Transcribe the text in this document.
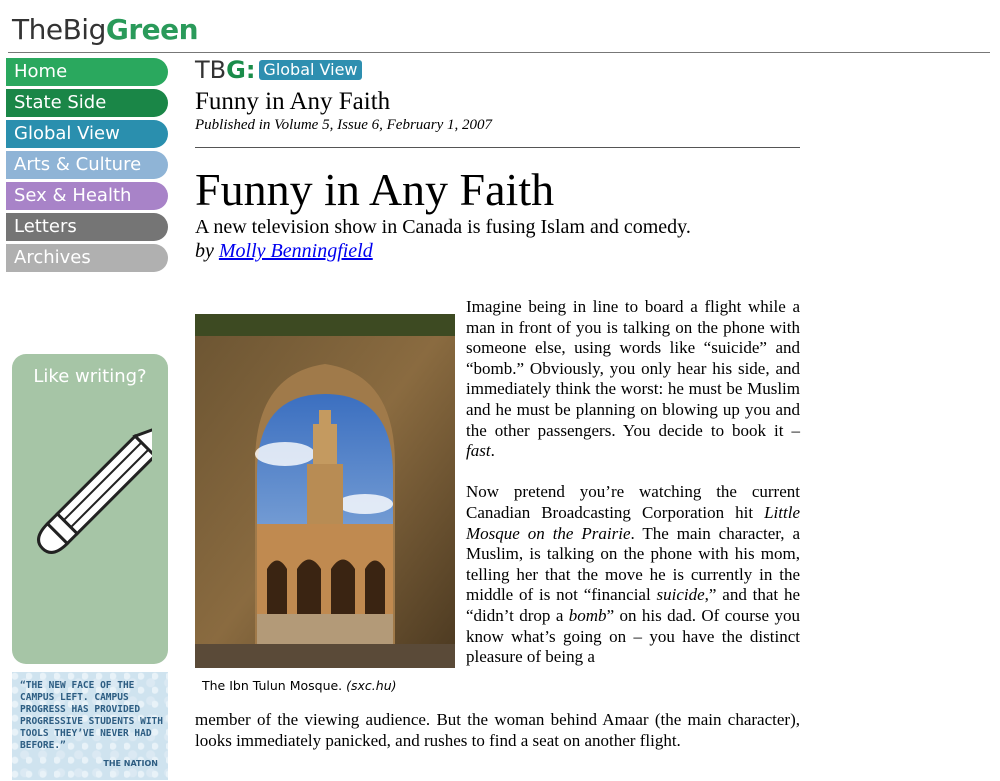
TheBigGreen
Home
State Side
Global View
Arts & Culture
Sex & Health
Letters
Archives
Like writing?
“THE NEW FACE OF THE CAMPUS LEFT. CAMPUS PROGRESS HAS PROVIDED PROGRESSIVE STUDENTS WITH TOOLS THEY’VE NEVER HAD BEFORE.”
THE NATION
TBG: Global View
Funny in Any Faith
Published in Volume 5, Issue 6, February 1, 2007
Funny in Any Faith
A new television show in Canada is fusing Islam and comedy.
by Molly Benningfield
The Ibn Tulun Mosque. (sxc.hu)

Imagine being in line to board a flight while a man in front of you is talking on the phone with someone else, using words like “suicide” and “bomb.” Obviously, you only hear his side, and immediately think the worst: he must be Muslim and he must be planning on blowing up you and the other passengers. You decide to book it – fast.

Now pretend you’re watching the current Canadian Broadcasting Corporation hit Little Mosque on the Prairie. The main character, a Muslim, is talking on the phone with his mom, telling her that the move he is currently in the middle of is not “financial suicide,” and that he “didn’t drop a bomb” on his dad. Of course you know what’s going on – you have the distinct pleasure of being a

member of the viewing audience. But the woman behind Amaar (the main character), looks immediately panicked, and rushes to find a seat on another flight.
